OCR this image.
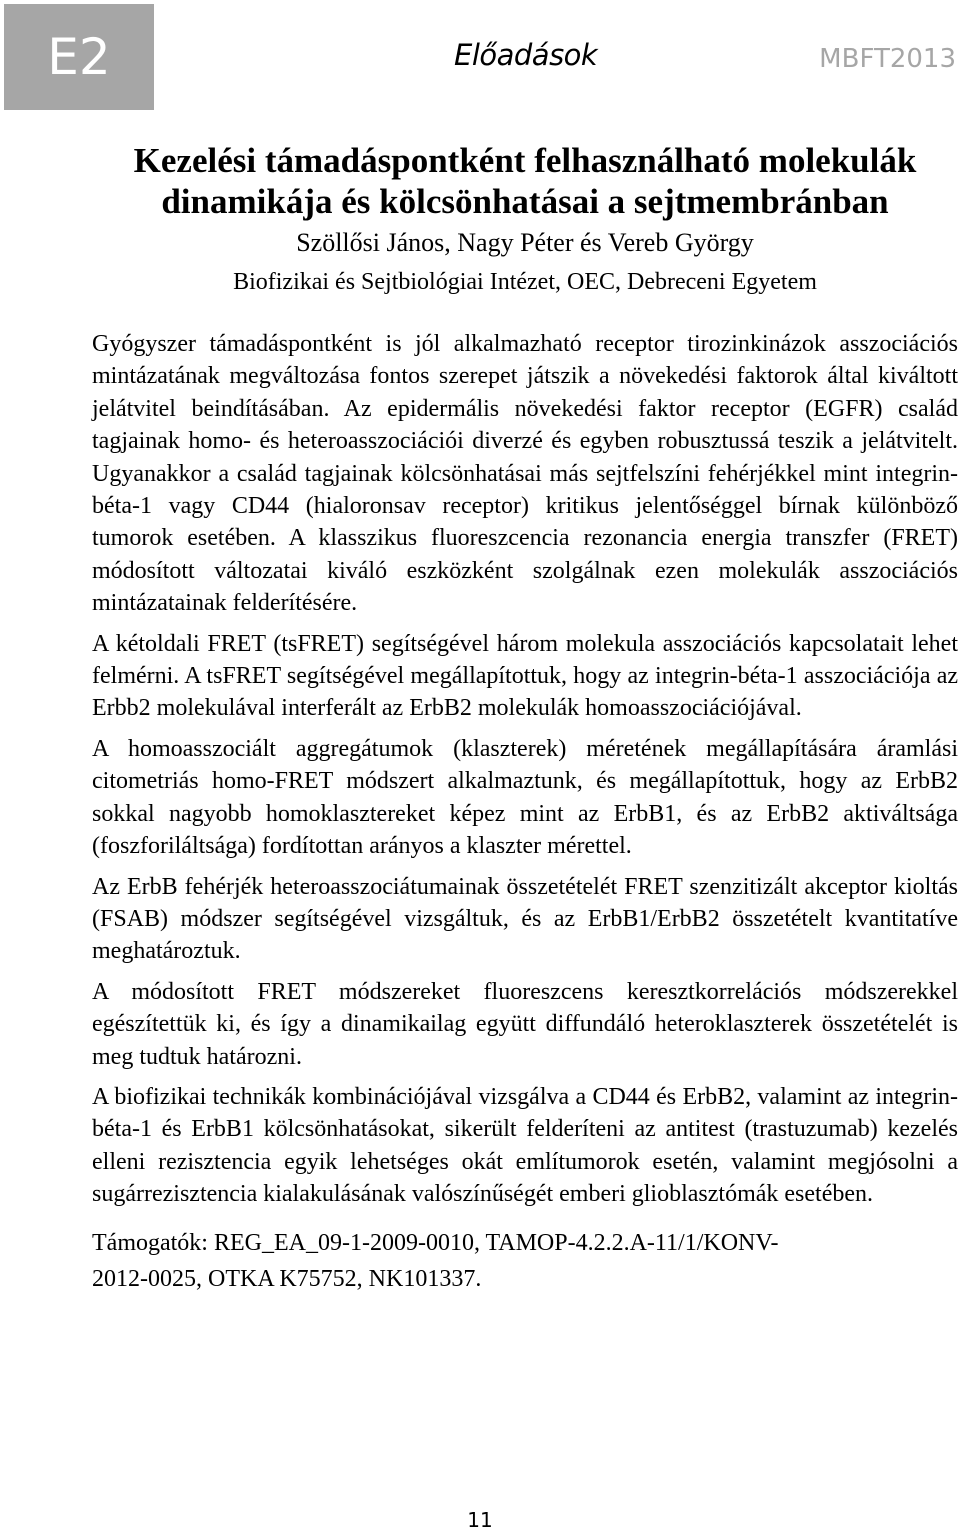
E2	Előadások	MBFT2013
Kezelési támadáspontként felhasználható molekulák
dinamikája és kölcsönhatásai a sejtmembránban

Szöllősi János, Nagy Péter és Vereb György

Biofizikai és Sejtbiológiai Intézet, OEC, Debreceni Egyetem

Gyógyszer támadáspontként is jól alkalmazható receptor tirozinkinázok asszociációs mintázatának megváltozása fontos szerepet játszik a növekedési faktorok által kiváltott jelátvitel beindításában. Az epidermális növekedési faktor receptor (EGFR) család tagjainak homo- és heteroasszociációi diverzé és egyben robusztussá teszik a jelátvitelt. Ugyanakkor a család tagjainak kölcsönhatásai más sejtfelszíni fehérjékkel mint integrin-béta-1 vagy CD44 (hialoronsav receptor) kritikus jelentőséggel bírnak különböző tumorok esetében. A klasszikus fluoreszcencia rezonancia energia transzfer (FRET) módosított változatai kiváló eszközként szolgálnak ezen molekulák asszociációs mintázatainak felderítésére.

A kétoldali FRET (tsFRET) segítségével három molekula asszociációs kapcsolatait lehet felmérni. A tsFRET segítségével megállapítottuk, hogy az integrin-béta-1 asszociációja az Erbb2 molekulával interferált az ErbB2 molekulák homoasszociációjával.

A homoasszociált aggregátumok (klaszterek) méretének megállapítására áramlási citometriás homo-FRET módszert alkalmaztunk, és megállapítottuk, hogy az ErbB2 sokkal nagyobb homoklasztereket képez mint az ErbB1, és az ErbB2 aktiváltsága (foszforiláltsága) fordítottan arányos a klaszter mérettel.

Az ErbB fehérjék heteroasszociátumainak összetételét FRET szenzitizált akceptor kioltás (FSAB) módszer segítségével vizsgáltuk, és az ErbB1/ErbB2 összetételt kvantitatíve meghatároztuk.

A módosított FRET módszereket fluoreszcens keresztkorrelációs módszerekkel egészítettük ki, és így a dinamikailag együtt diffundáló heteroklaszterek összetételét is meg tudtuk határozni.

A biofizikai technikák kombinációjával vizsgálva a CD44 és ErbB2, valamint az integrin-béta-1 és ErbB1 kölcsönhatásokat, sikerült felderíteni az antitest (trastuzumab) kezelés elleni rezisztencia egyik lehetséges okát említumorok esetén, valamint megjósolni a sugárrezisztencia kialakulásának valószínűségét emberi glioblasztómák esetében.

Támogatók: REG_EA_09-1-2009-0010, TAMOP-4.2.2.A-11/1/KONV-
2012-0025, OTKA K75752, NK101337.

11
